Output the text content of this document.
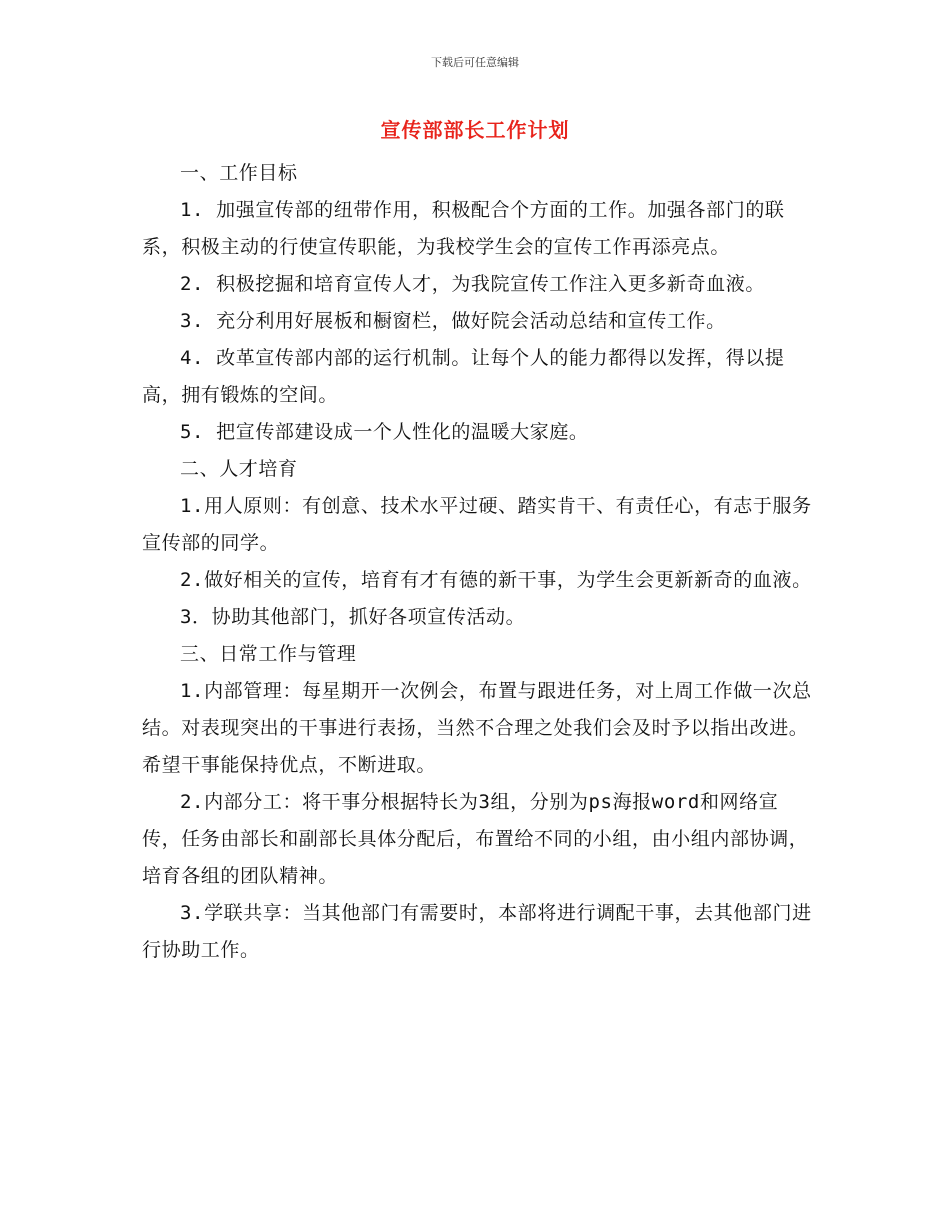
下载后可任意编辑
宣传部部长工作计划

一、工作目标

1. 加强宣传部的纽带作用，积极配合个方面的工作。加强各部门的联系，积极主动的行使宣传职能，为我校学生会的宣传工作再添亮点。

2. 积极挖掘和培育宣传人才，为我院宣传工作注入更多新奇血液。

3. 充分利用好展板和橱窗栏，做好院会活动总结和宣传工作。

4. 改革宣传部内部的运行机制。让每个人的能力都得以发挥，得以提高，拥有锻炼的空间。

5. 把宣传部建设成一个人性化的温暖大家庭。

二、人才培育

1.用人原则：有创意、技术水平过硬、踏实肯干、有责任心，有志于服务宣传部的同学。

2.做好相关的宣传，培育有才有德的新干事，为学生会更新新奇的血液。

3．协助其他部门，抓好各项宣传活动。

三、日常工作与管理

1.内部管理：每星期开一次例会，布置与跟进任务，对上周工作做一次总结。对表现突出的干事进行表扬，当然不合理之处我们会及时予以指出改进。希望干事能保持优点，不断进取。

2.内部分工：将干事分根据特长为3组，分别为ps海报word和网络宣传，任务由部长和副部长具体分配后，布置给不同的小组，由小组内部协调，培育各组的团队精神。

3.学联共享：当其他部门有需要时，本部将进行调配干事，去其他部门进行协助工作。
